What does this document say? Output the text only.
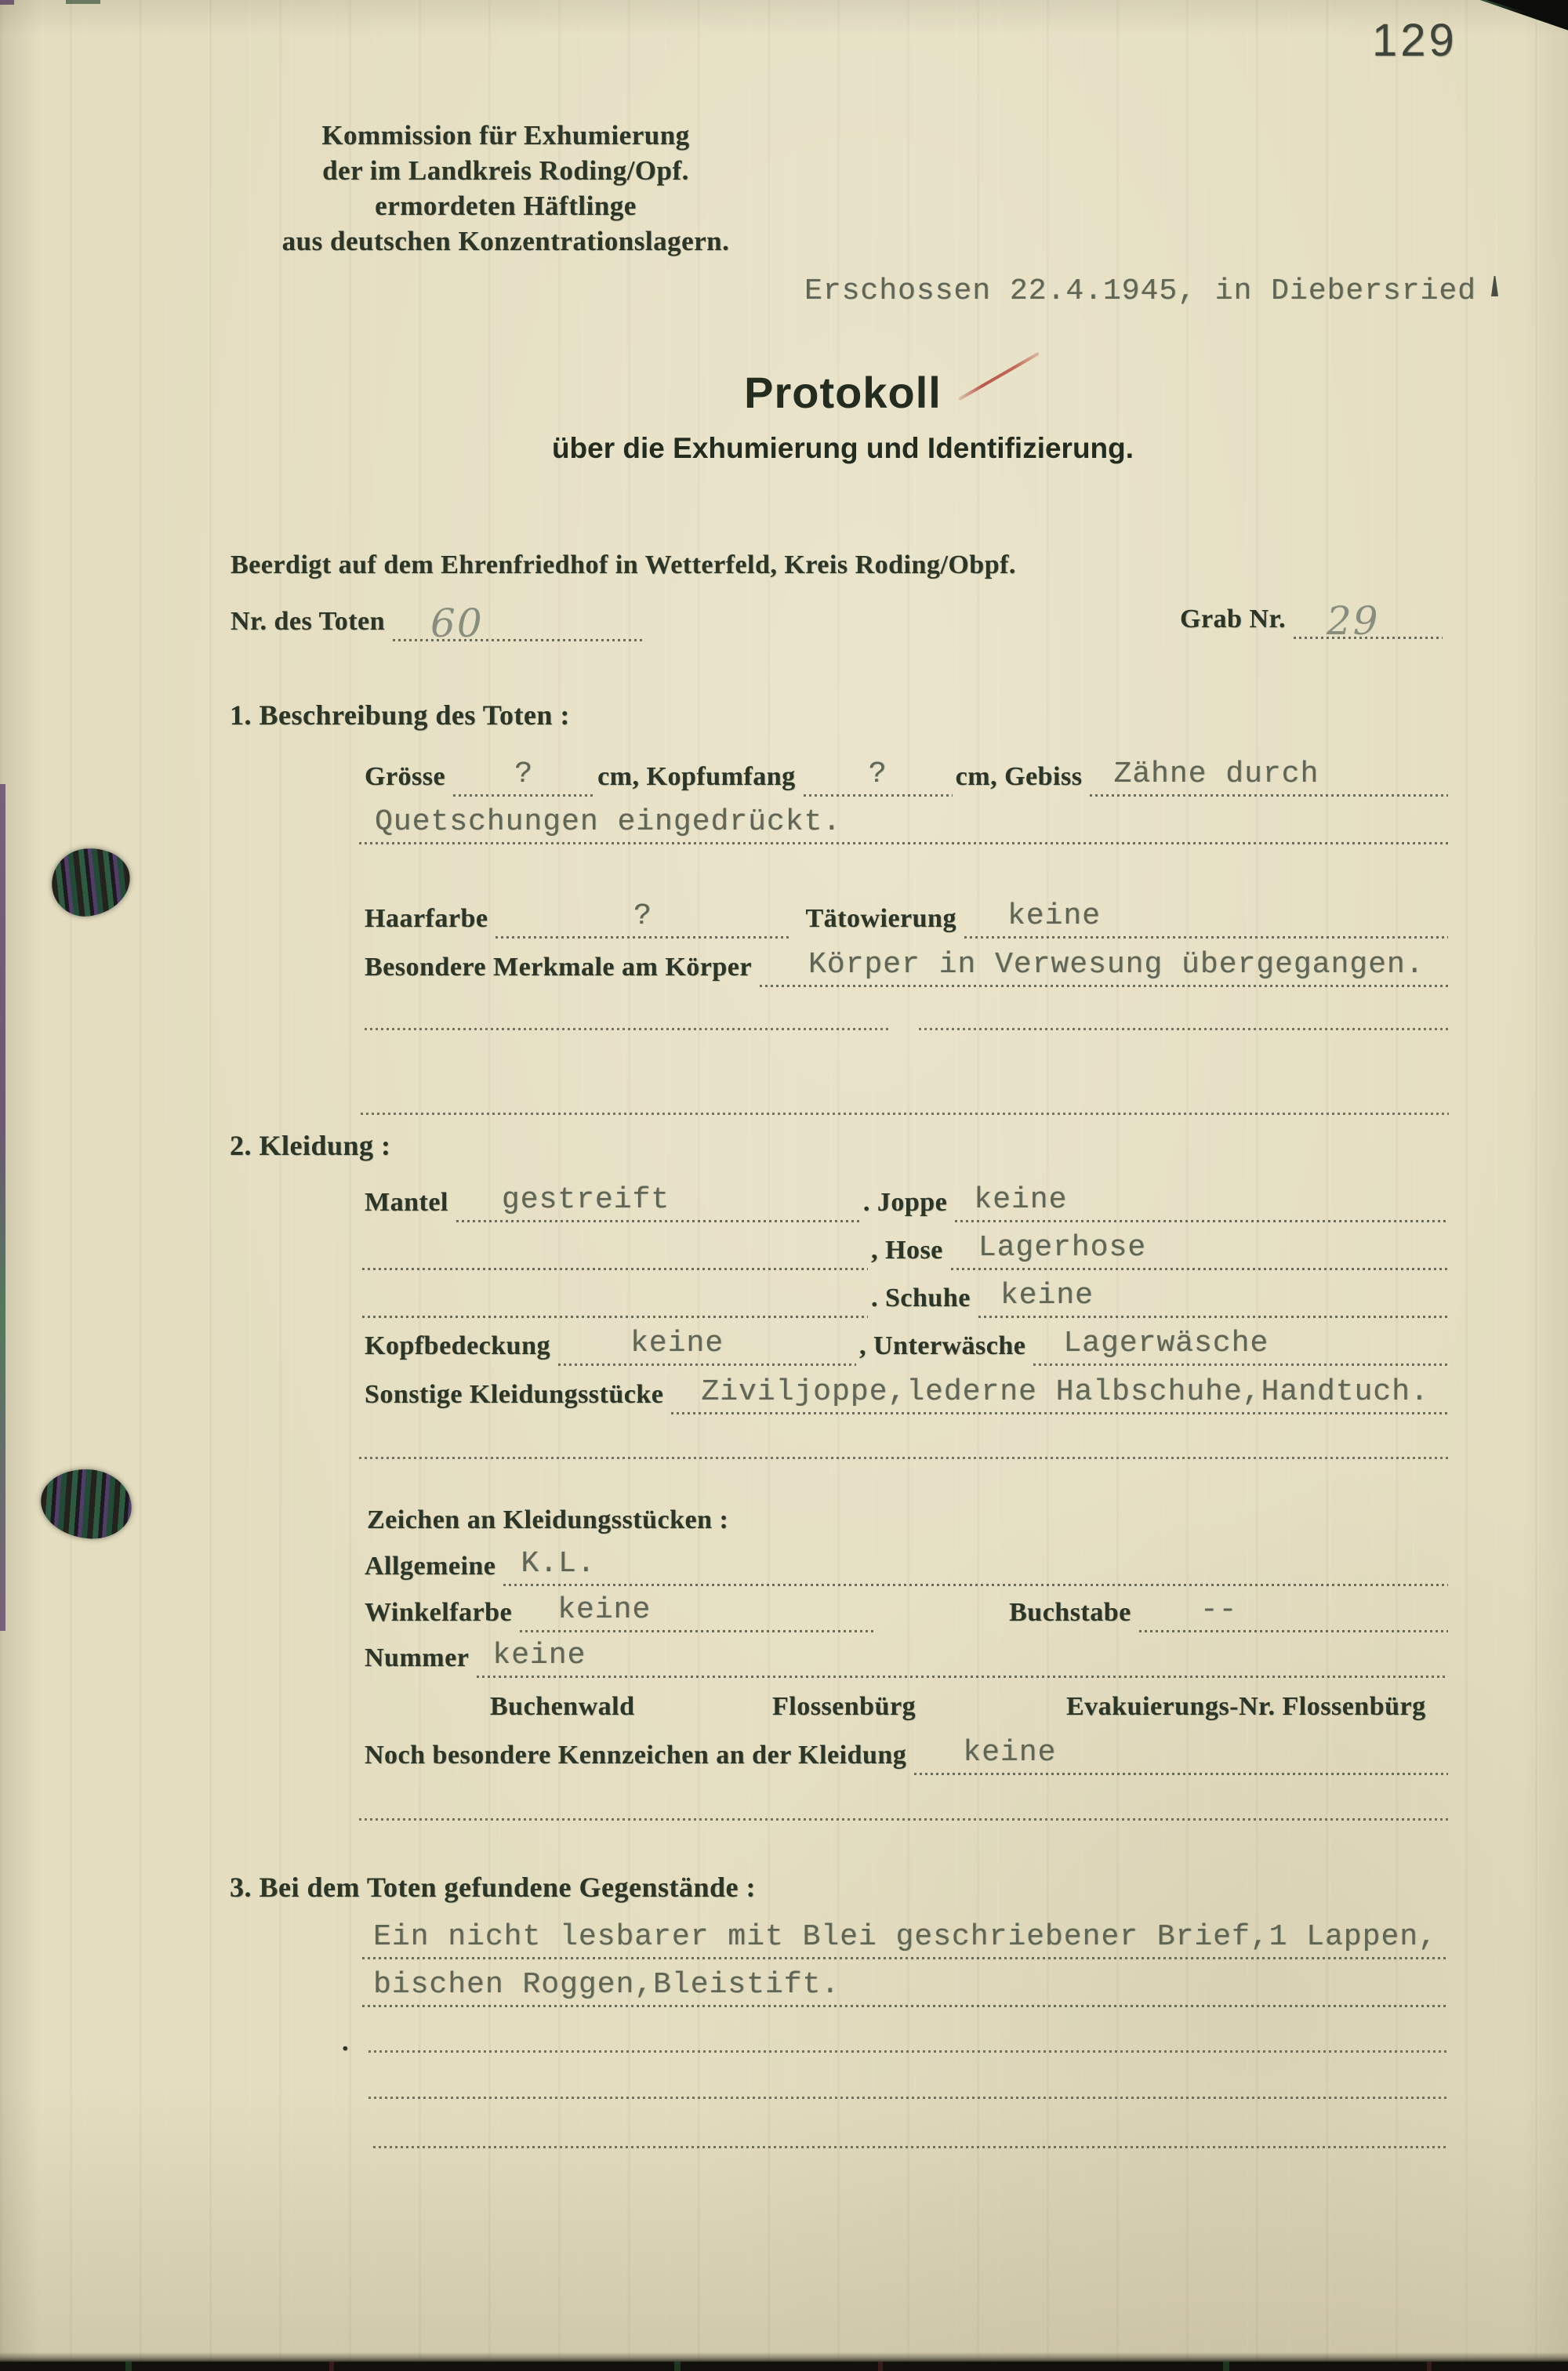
129
Kommission für Exhumierung
der im Landkreis Roding/Opf.
ermordeten Häftlinge
aus deutschen Konzentrationslagern.
Erschossen 22.4.1945, in Diebersried
Protokoll
über die Exhumierung und Identifizierung.
Beerdigt auf dem Ehrenfriedhof in Wetterfeld, Kreis Roding/Obpf.
Nr. des Toten	60	Grab Nr.	29
1. Beschreibung des Toten :
Grösse ? cm, Kopfumfang ?	cm, Gebiss	Zähne durch
Quetschungen eingedrückt.
Haarfarbe	?	Tätowierung	keine
Besondere Merkmale am Körper	Körper in Verwesung übergegangen.
2. Kleidung :
Mantel	gestreift	. Joppe keine
, Hose	Lagerhose
. Schuhe	keine
Kopfbedeckung	keine	, Unterwäsche	Lagerwäsche
Sonstige Kleidungsstücke	Ziviljoppe,lederne Halbschuhe,Handtuch.
Zeichen an Kleidungsstücken :
Allgemeine K.L.
Winkelfarbe	keine	Buchstabe	--
Nummer keine
Buchenwald	Flossenbürg	Evakuierungs-Nr. Flossenbürg
Noch besondere Kennzeichen an der Kleidung	keine
3. Bei dem Toten gefundene Gegenstände :
Ein nicht lesbarer mit Blei geschriebener Brief,1 Lappen,
bischen Roggen,Bleistift.
.
